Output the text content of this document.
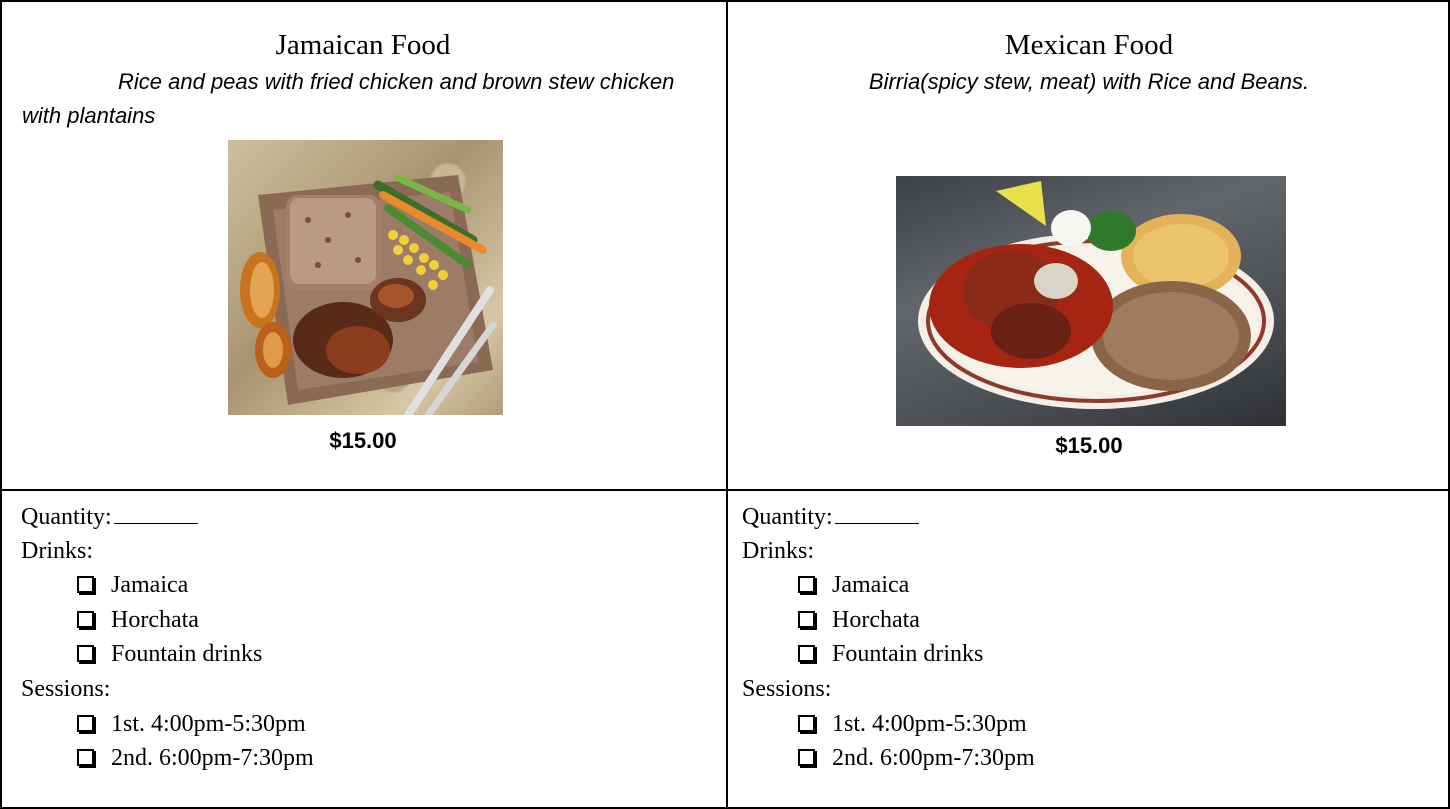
Jamaican Food
Rice and peas with fried chicken and brown stew chicken with plantains
$15.00
Mexican Food
Birria(spicy stew, meat) with Rice and Beans.
$15.00
Quantity:
Drinks:
Jamaica
Horchata
Fountain drinks
Sessions:
1st. 4:00pm-5:30pm
2nd. 6:00pm-7:30pm
Quantity:
Drinks:
Jamaica
Horchata
Fountain drinks
Sessions:
1st. 4:00pm-5:30pm
2nd. 6:00pm-7:30pm
